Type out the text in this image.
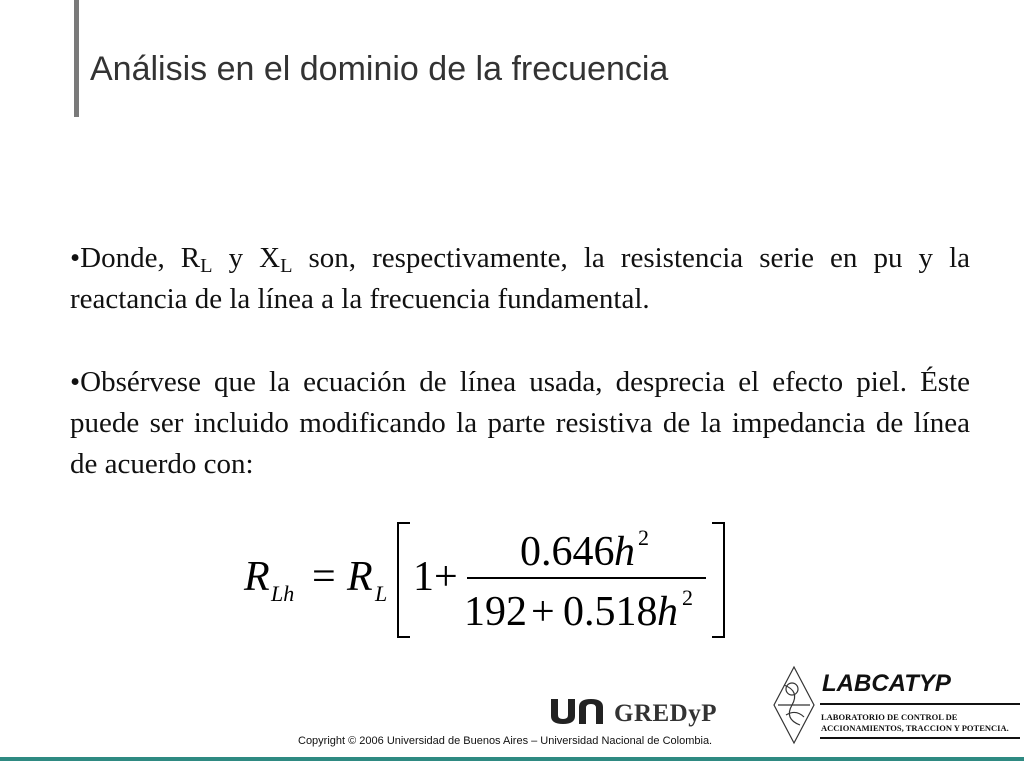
Análisis en el dominio de la frecuencia

•Donde, $R_L$ y $X_L$ son, respectivamente, la resistencia serie en pu y la reactancia de la línea a la frecuencia fundamental.

•Obsérvese que la ecuación de línea usada, desprecia el efecto piel. Éste puede ser incluido modificando la parte resistiva de la impedancia de línea de acuerdo con:

R Lh = R L 1+
0.646 h 2
192 + 0.518 h 2
GREDyP
Copyright © 2006 Universidad de Buenos Aires – Universidad Nacional de Colombia.
LABCATYP
LABORATORIO DE CONTROL DE
ACCIONAMIENTOS, TRACCION Y POTENCIA.
